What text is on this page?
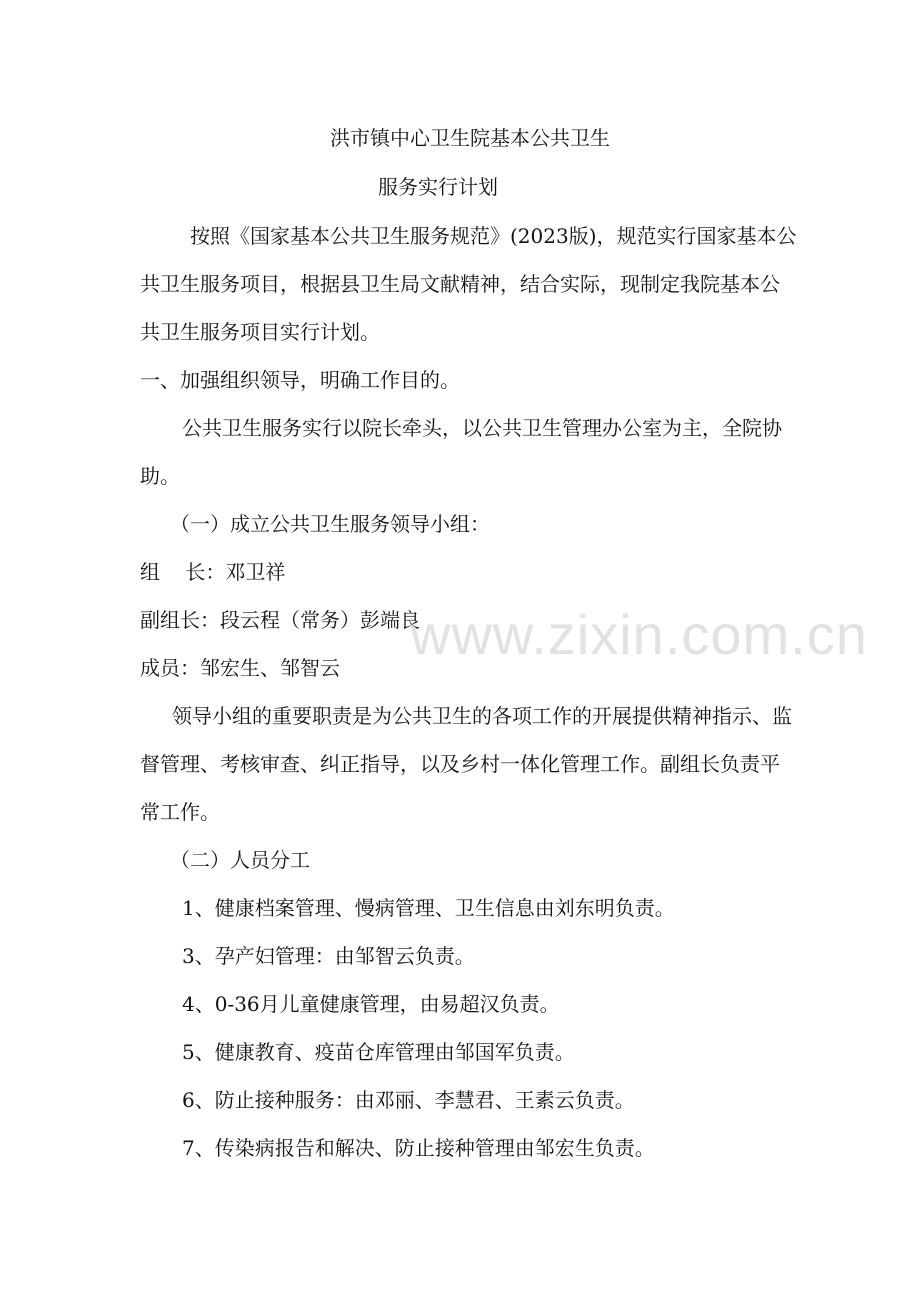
洪市镇中心卫生院基本公共卫生
服务实行计划
按照《国家基本公共卫生服务规范》(2023版)，规范实行国家基本公
共卫生服务项目，根据县卫生局文献精神，结合实际，现制定我院基本公
共卫生服务项目实行计划。
一、加强组织领导，明确工作目的。
公共卫生服务实行以院长牵头，以公共卫生管理办公室为主，全院协
助。
（一）成立公共卫生服务领导小组：
组    长：邓卫祥
副组长：段云程（常务）彭端良
成员：邹宏生、邹智云
领导小组的重要职责是为公共卫生的各项工作的开展提供精神指示、监
督管理、考核审查、纠正指导，以及乡村一体化管理工作。副组长负责平
常工作。
（二）人员分工
1、健康档案管理、慢病管理、卫生信息由刘东明负责。
3、孕产妇管理：由邹智云负责。
4、0-36月儿童健康管理，由易超汉负责。
5、健康教育、疫苗仓库管理由邹国军负责。
6、防止接种服务：由邓丽、李慧君、王素云负责。
7、传染病报告和解决、防止接种管理由邹宏生负责。
www.zixin.com.cn
